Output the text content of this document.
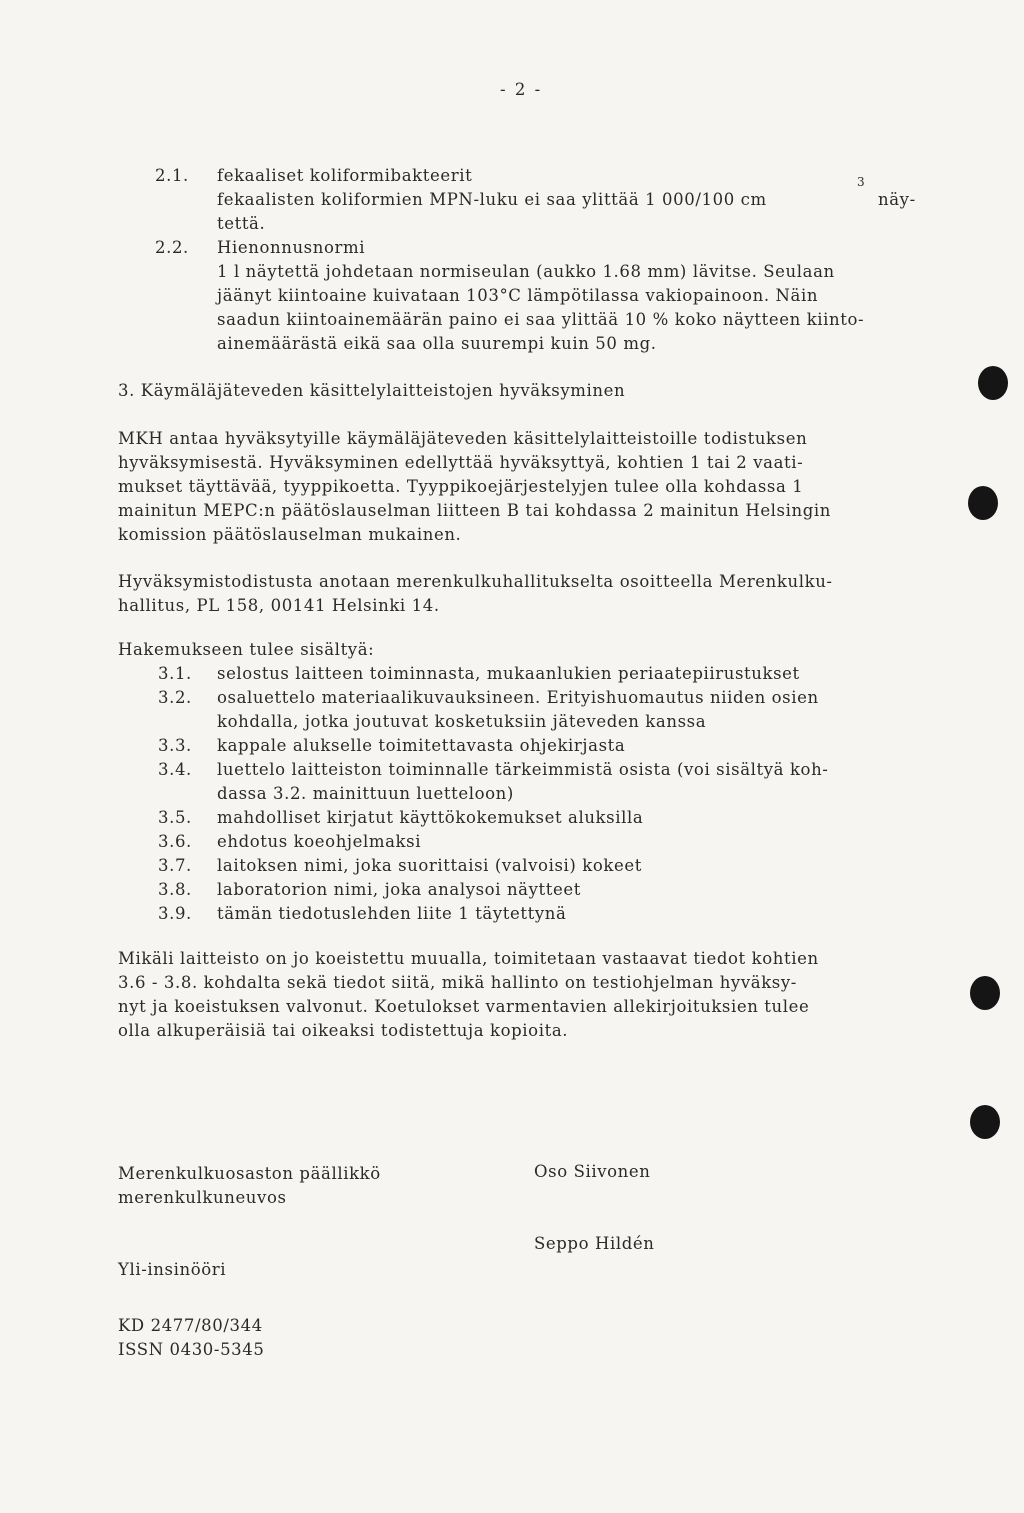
- 2 -
2.1. fekaaliset koliformibakteerit
fekaalisten koliformien MPN-luku ei saa ylittää 1 000/100 cm
3
näy-
tettä.
2.2. Hienonnusnormi
1 l näytettä johdetaan normiseulan (aukko 1.68 mm) lävitse. Seulaan
jäänyt kiintoaine kuivataan 103°C lämpötilassa vakiopainoon. Näin
saadun kiintoainemäärän paino ei saa ylittää 10 % koko näytteen kiinto-
ainemäärästä eikä saa olla suurempi kuin 50 mg.
3. Käymäläjäteveden käsittelylaitteistojen hyväksyminen
MKH antaa hyväksytyille käymäläjäteveden käsittelylaitteistoille todistuksen
hyväksymisestä. Hyväksyminen edellyttää hyväksyttyä, kohtien 1 tai 2 vaati-
mukset täyttävää, tyyppikoetta. Tyyppikoejärjestelyjen tulee olla kohdassa 1
mainitun MEPC:n päätöslauselman liitteen B tai kohdassa 2 mainitun Helsingin
komission päätöslauselman mukainen.
Hyväksymistodistusta anotaan merenkulkuhallitukselta osoitteella Merenkulku-
hallitus, PL 158, 00141 Helsinki 14.
Hakemukseen tulee sisältyä:
3.1. selostus laitteen toiminnasta, mukaanlukien periaatepiirustukset
3.2. osaluettelo materiaalikuvauksineen. Erityishuomautus niiden osien
kohdalla, jotka joutuvat kosketuksiin jäteveden kanssa
3.3. kappale alukselle toimitettavasta ohjekirjasta
3.4. luettelo laitteiston toiminnalle tärkeimmistä osista (voi sisältyä koh-
dassa 3.2. mainittuun luetteloon)
3.5. mahdolliset kirjatut käyttökokemukset aluksilla
3.6. ehdotus koeohjelmaksi
3.7. laitoksen nimi, joka suorittaisi (valvoisi) kokeet
3.8. laboratorion nimi, joka analysoi näytteet
3.9. tämän tiedotuslehden liite 1 täytettynä
Mikäli laitteisto on jo koeistettu muualla, toimitetaan vastaavat tiedot kohtien
3.6 - 3.8. kohdalta sekä tiedot siitä, mikä hallinto on testiohjelman hyväksy-
nyt ja koeistuksen valvonut. Koetulokset varmentavien allekirjoituksien tulee
olla alkuperäisiä tai oikeaksi todistettuja kopioita.
Merenkulkuosaston päällikkö
merenkulkuneuvos
Oso Siivonen
Seppo Hildén
Yli-insinööri
KD 2477/80/344
ISSN 0430-5345
